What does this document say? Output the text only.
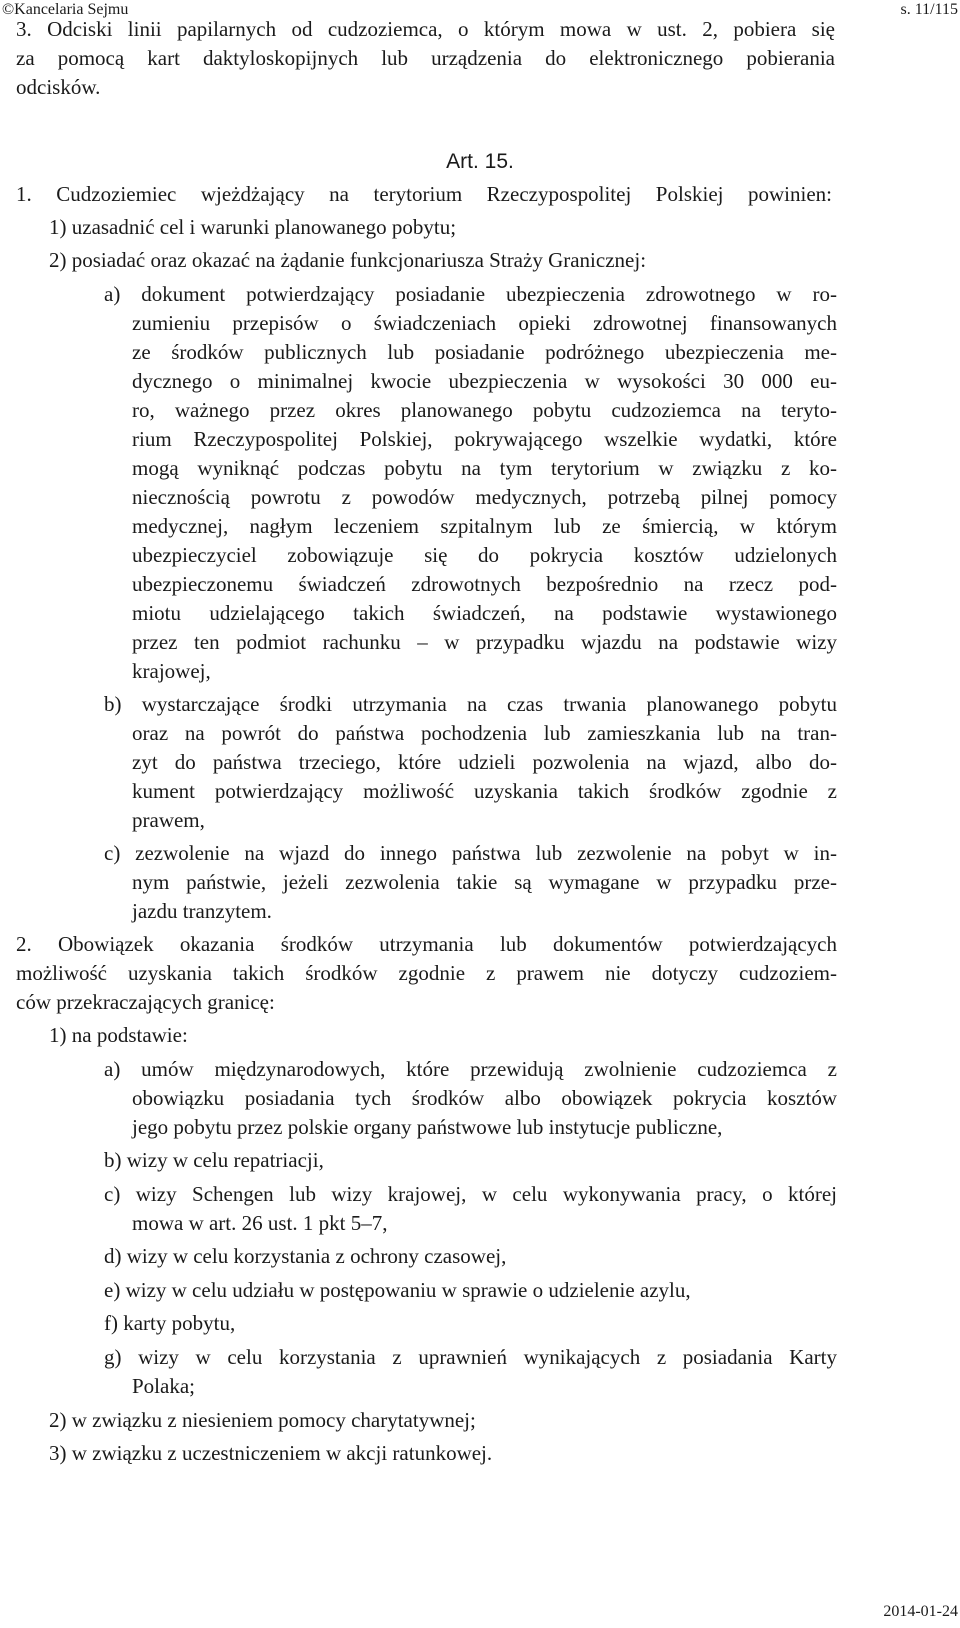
©Kancelaria Sejmu	s. 11/115
3. Odciski linii papilarnych od cudzoziemca, o którym mowa w ust. 2, pobiera się
za pomocą kart daktyloskopijnych lub urządzenia do elektronicznego pobierania
odcisków.
Art. 15.
1. Cudzoziemiec wjeżdżający na terytorium Rzeczypospolitej Polskiej powinien:
1) uzasadnić cel i warunki planowanego pobytu;
2) posiadać oraz okazać na żądanie funkcjonariusza Straży Granicznej:
a) dokument potwierdzający posiadanie ubezpieczenia zdrowotnego w ro-
zumieniu przepisów o świadczeniach opieki zdrowotnej finansowanych
ze środków publicznych lub posiadanie podróżnego ubezpieczenia me-
dycznego o minimalnej kwocie ubezpieczenia w wysokości 30 000 eu-
ro, ważnego przez okres planowanego pobytu cudzoziemca na teryto-
rium Rzeczypospolitej Polskiej, pokrywającego wszelkie wydatki, które
mogą wyniknąć podczas pobytu na tym terytorium w związku z ko-
niecznością powrotu z powodów medycznych, potrzebą pilnej pomocy
medycznej, nagłym leczeniem szpitalnym lub ze śmiercią, w którym
ubezpieczyciel zobowiązuje się do pokrycia kosztów udzielonych
ubezpieczonemu świadczeń zdrowotnych bezpośrednio na rzecz pod-
miotu udzielającego takich świadczeń, na podstawie wystawionego
przez ten podmiot rachunku – w przypadku wjazdu na podstawie wizy
krajowej,
b) wystarczające środki utrzymania na czas trwania planowanego pobytu
oraz na powrót do państwa pochodzenia lub zamieszkania lub na tran-
zyt do państwa trzeciego, które udzieli pozwolenia na wjazd, albo do-
kument potwierdzający możliwość uzyskania takich środków zgodnie z
prawem,
c) zezwolenie na wjazd do innego państwa lub zezwolenie na pobyt w in-
nym państwie, jeżeli zezwolenia takie są wymagane w przypadku prze-
jazdu tranzytem.
2. Obowiązek okazania środków utrzymania lub dokumentów potwierdzających
możliwość uzyskania takich środków zgodnie z prawem nie dotyczy cudzoziem-
ców przekraczających granicę:
1) na podstawie:
a) umów międzynarodowych, które przewidują zwolnienie cudzoziemca z
obowiązku posiadania tych środków albo obowiązek pokrycia kosztów
jego pobytu przez polskie organy państwowe lub instytucje publiczne,
b) wizy w celu repatriacji,
c) wizy Schengen lub wizy krajowej, w celu wykonywania pracy, o której
mowa w art. 26 ust. 1 pkt 5–7,
d) wizy w celu korzystania z ochrony czasowej,
e) wizy w celu udziału w postępowaniu w sprawie o udzielenie azylu,
f) karty pobytu,
g) wizy w celu korzystania z uprawnień wynikających z posiadania Karty
Polaka;
2) w związku z niesieniem pomocy charytatywnej;
3) w związku z uczestniczeniem w akcji ratunkowej.
2014-01-24
